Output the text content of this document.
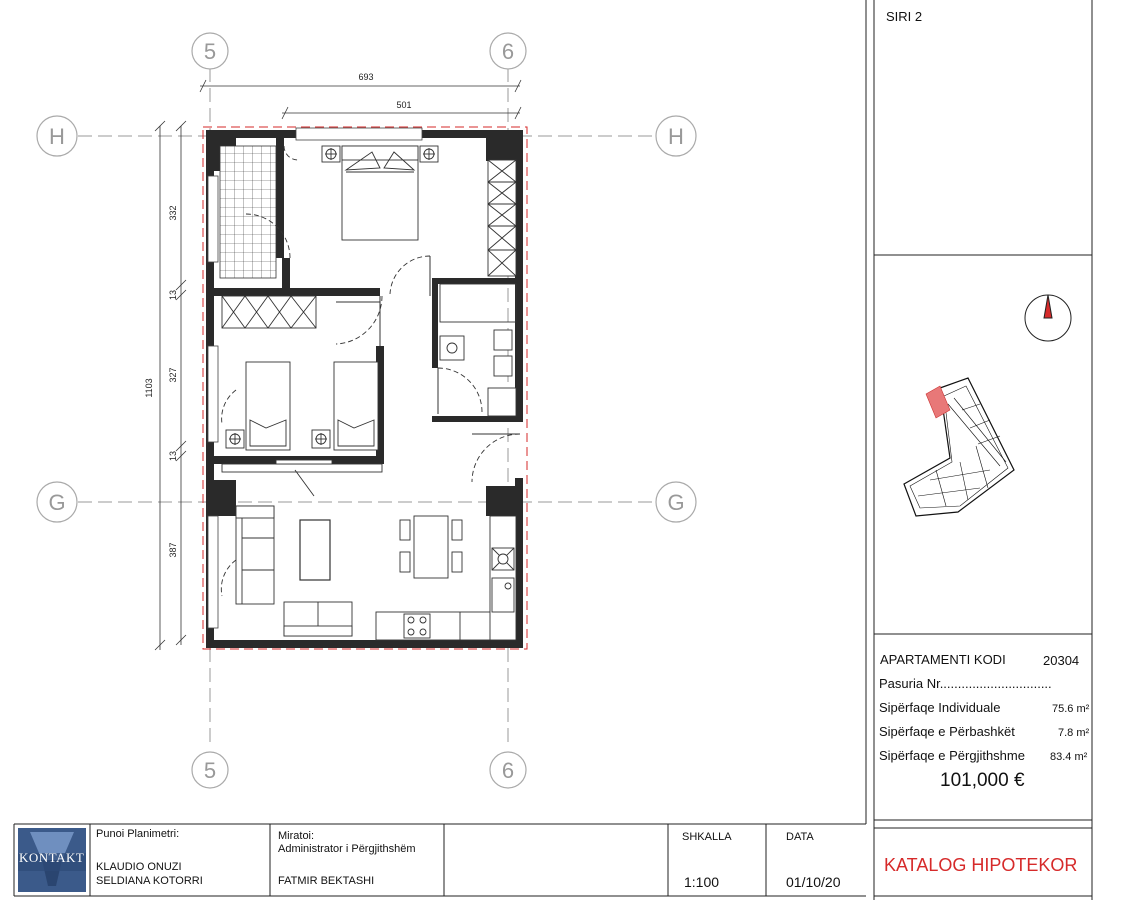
5	6
5	6
H	H
G	G
693
501
1103
332
13
327
13
387
SIRI 2
APARTAMENTI KODI	20304
Pasuria Nr...............................
Sipërfaqe Individuale	75.6 m²
Sipërfaqe e Përbashkët	7.8 m²
Sipërfaqe e Përgjithshme 83.4 m²
101,000 €
KONTAKT
Punoi Planimetri:
KLAUDIO ONUZI
SELDIANA KOTORRI
Miratoi:
Administrator i Përgjithshëm
FATMIR BEKTASHI
SHKALLA
1:100
DATA
01/10/20
KATALOG HIPOTEKOR
